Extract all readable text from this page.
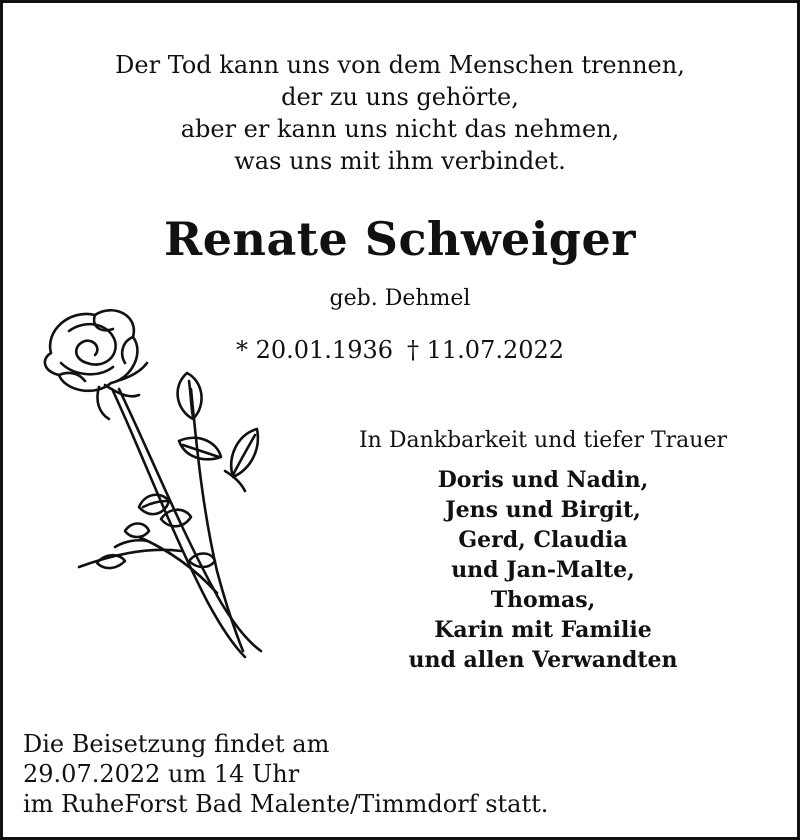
Der Tod kann uns von dem Menschen trennen,
der zu uns gehörte,
aber er kann uns nicht das nehmen,
was uns mit ihm verbindet.
Renate Schweiger
geb. Dehmel
* 20.01.1936 † 11.07.2022
In Dankbarkeit und tiefer Trauer
Doris und Nadin,
Jens und Birgit,
Gerd, Claudia
und Jan-Malte,
Thomas,
Karin mit Familie
und allen Verwandten
Die Beisetzung findet am
29.07.2022 um 14 Uhr
im RuheForst Bad Malente/Timmdorf statt.
